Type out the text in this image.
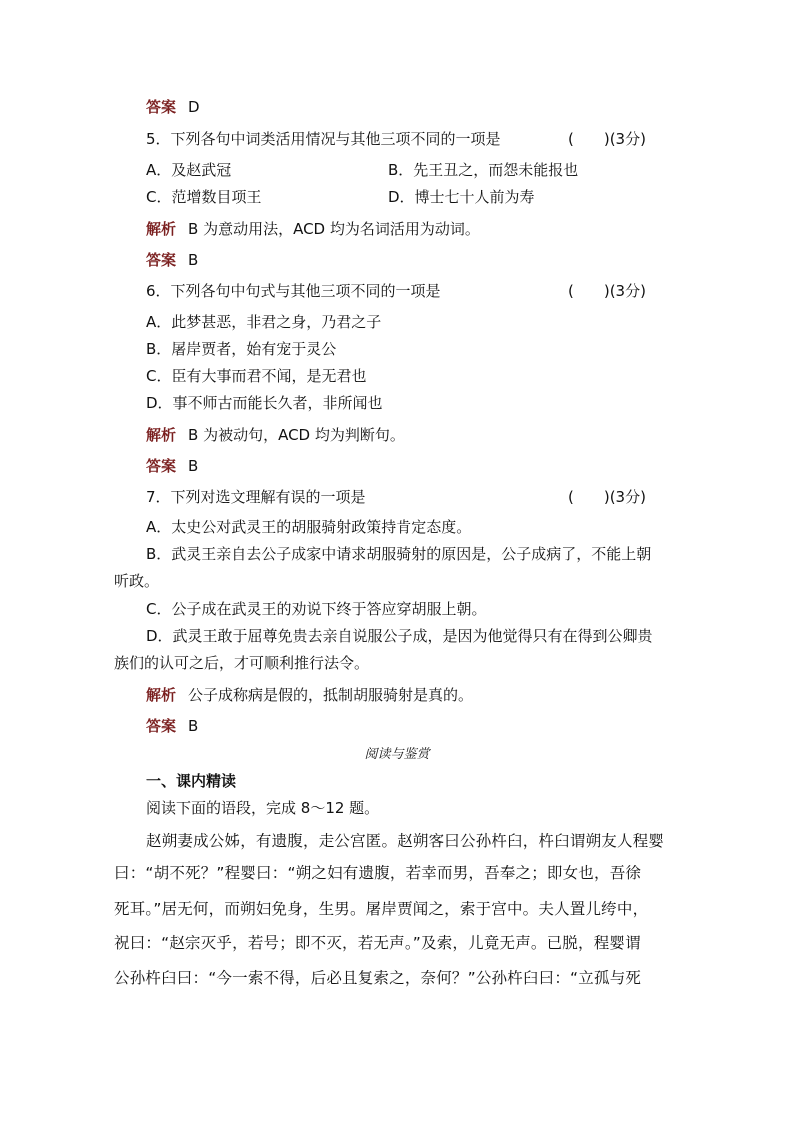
答案 D
5．下列各句中词类活用情况与其他三项不同的一项是	(　　)(3分)
A．及赵武冠	B．先王丑之，而怨未能报也
C．范增数目项王	D．博士七十人前为寿
解析 B 为意动用法，ACD 均为名词活用为动词。
答案 B
6．下列各句中句式与其他三项不同的一项是	(　　)(3分)
A．此梦甚恶，非君之身，乃君之子
B．屠岸贾者，始有宠于灵公
C．臣有大事而君不闻，是无君也
D．事不师古而能长久者，非所闻也
解析 B 为被动句，ACD 均为判断句。
答案 B
7．下列对选文理解有误的一项是	(　　)(3分)
A．太史公对武灵王的胡服骑射政策持肯定态度。
B．武灵王亲自去公子成家中请求胡服骑射的原因是，公子成病了，不能上朝
听政。
C．公子成在武灵王的劝说下终于答应穿胡服上朝。
D．武灵王敢于屈尊免贵去亲自说服公子成，是因为他觉得只有在得到公卿贵
族们的认可之后，才可顺利推行法令。
解析 公子成称病是假的，抵制胡服骑射是真的。
答案 B
阅读与鉴赏
一、课内精读
阅读下面的语段，完成 8～12 题。
赵朔妻成公姊，有遗腹，走公宫匿。赵朔客曰公孙杵臼，杵臼谓朔友人程婴
曰：“胡不死？”程婴曰：“朔之妇有遗腹，若幸而男，吾奉之；即女也，吾徐
死耳。”居无何，而朔妇免身，生男。屠岸贾闻之，索于宫中。夫人置儿绔中，
祝曰：“赵宗灭乎，若号；即不灭，若无声。”及索，儿竟无声。已脱，程婴谓
公孙杵臼曰：“今一索不得，后必且复索之，奈何？”公孙杵臼曰：“立孤与死
